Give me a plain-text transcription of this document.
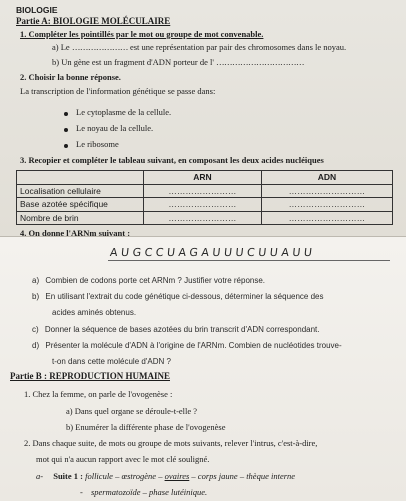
BIOLOGIE
Partie A: BIOLOGIE MOLÉCULAIRE
1. Compléter les pointillés par le mot ou groupe de mot convenable.
a) Le ………………… est une représentation par pair des chromosomes dans le noyau.
b) Un gène est un fragment d'ADN porteur de l' ……………………………
2. Choisir la bonne réponse.
La transcription de l'information génétique se passe dans:
Le cytoplasme de la cellule.
Le noyau de la cellule.
Le ribosome
3. Recopier et compléter le tableau suivant, en composant les deux acides nucléiques
	ARN	ADN
Localisation cellulaire	……………………	………………………
Base azotée spécifique	……………………	………………………
Nombre de brin	……………………	………………………
4. On donne l'ARNm suivant :
AUGCCUAGAUUUCUUAUU
a) Combien de codons porte cet ARNm ? Justifier votre réponse.
b) En utilisant l'extrait du code génétique ci-dessous, déterminer la séquence des
acides aminés obtenus.
c) Donner la séquence de bases azotées du brin transcrit d'ADN correspondant.
d) Présenter la molécule d'ADN à l'origine de l'ARNm. Combien de nucléotides trouve-
t-on dans cette molécule d'ADN ?
Partie B : REPRODUCTION HUMAINE
1. Chez la femme, on parle de l'ovogenèse :
a) Dans quel organe se déroule-t-elle ?
b) Enumérer la différente phase de l'ovogenèse
2. Dans chaque suite, de mots ou groupe de mots suivants, relever l'intrus, c'est-à-dire,
mot qui n'a aucun rapport avec le mot clé souligné.
a- Suite 1 : follicule – œstrogène – ovaires – corps jaune – thèque interne
- spermatozoïde – phase lutéinique.
